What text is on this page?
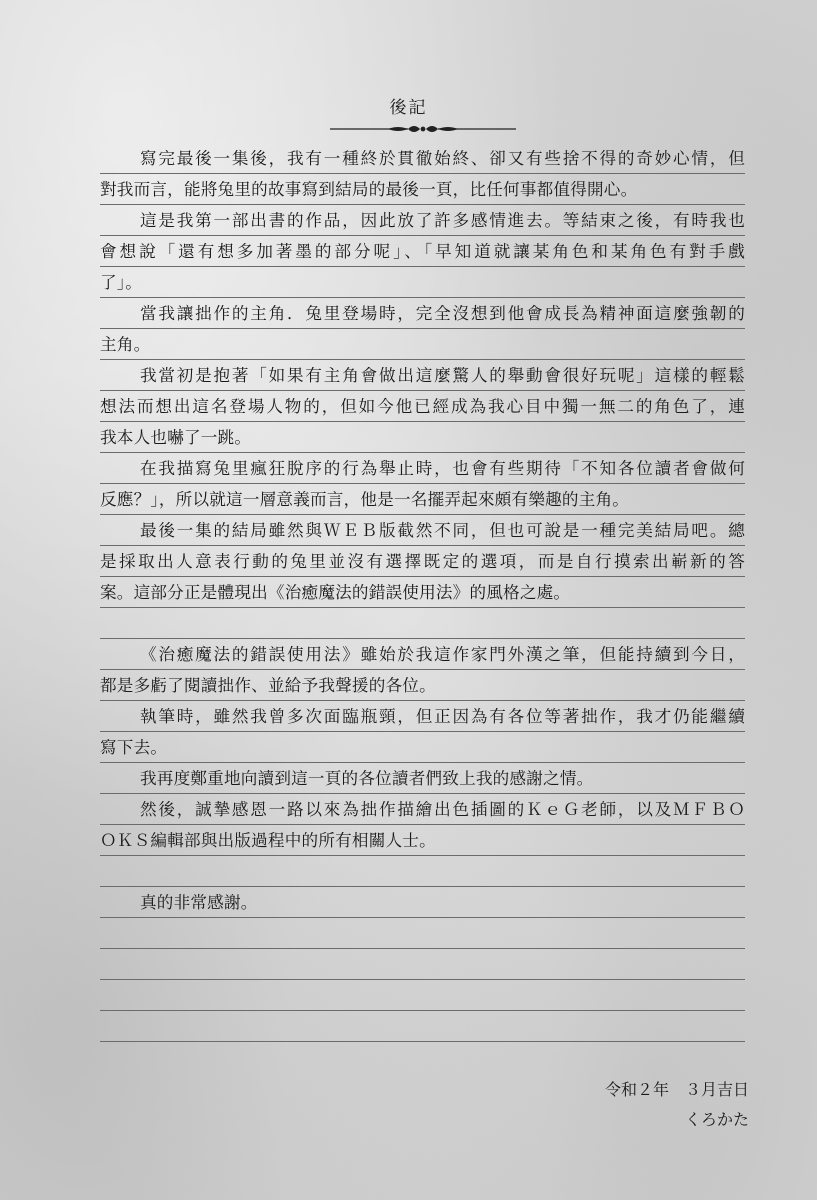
後記
寫完最後一集後，我有一種終於貫徹始終、卻又有些捨不得的奇妙心情，但
對我而言，能將兔里的故事寫到結局的最後一頁，比任何事都值得開心。
這是我第一部出書的作品，因此放了許多感情進去。等結束之後，有時我也
會想說「還有想多加著墨的部分呢」、「早知道就讓某角色和某角色有對手戲
了」。
當我讓拙作的主角．兔里登場時，完全沒想到他會成長為精神面這麼強韌的
主角。
我當初是抱著「如果有主角會做出這麼驚人的舉動會很好玩呢」這樣的輕鬆
想法而想出這名登場人物的，但如今他已經成為我心目中獨一無二的角色了，連
我本人也嚇了一跳。
在我描寫兔里瘋狂脫序的行為舉止時，也會有些期待「不知各位讀者會做何
反應？」，所以就這一層意義而言，他是一名擺弄起來頗有樂趣的主角。
最後一集的結局雖然與ＷＥＢ版截然不同，但也可說是一種完美結局吧。總
是採取出人意表行動的兔里並沒有選擇既定的選項，而是自行摸索出嶄新的答
案。這部分正是體現出《治癒魔法的錯誤使用法》的風格之處。
《治癒魔法的錯誤使用法》雖始於我這作家門外漢之筆，但能持續到今日，
都是多虧了閱讀拙作、並給予我聲援的各位。
執筆時，雖然我曾多次面臨瓶頸，但正因為有各位等著拙作，我才仍能繼續
寫下去。
我再度鄭重地向讀到這一頁的各位讀者們致上我的感謝之情。
然後，誠摯感恩一路以來為拙作描繪出色插圖的ＫｅＧ老師，以及ＭＦＢＯ
ＯＫＳ編輯部與出版過程中的所有相關人士。
真的非常感謝。
令和２年　３月吉日
くろかた
